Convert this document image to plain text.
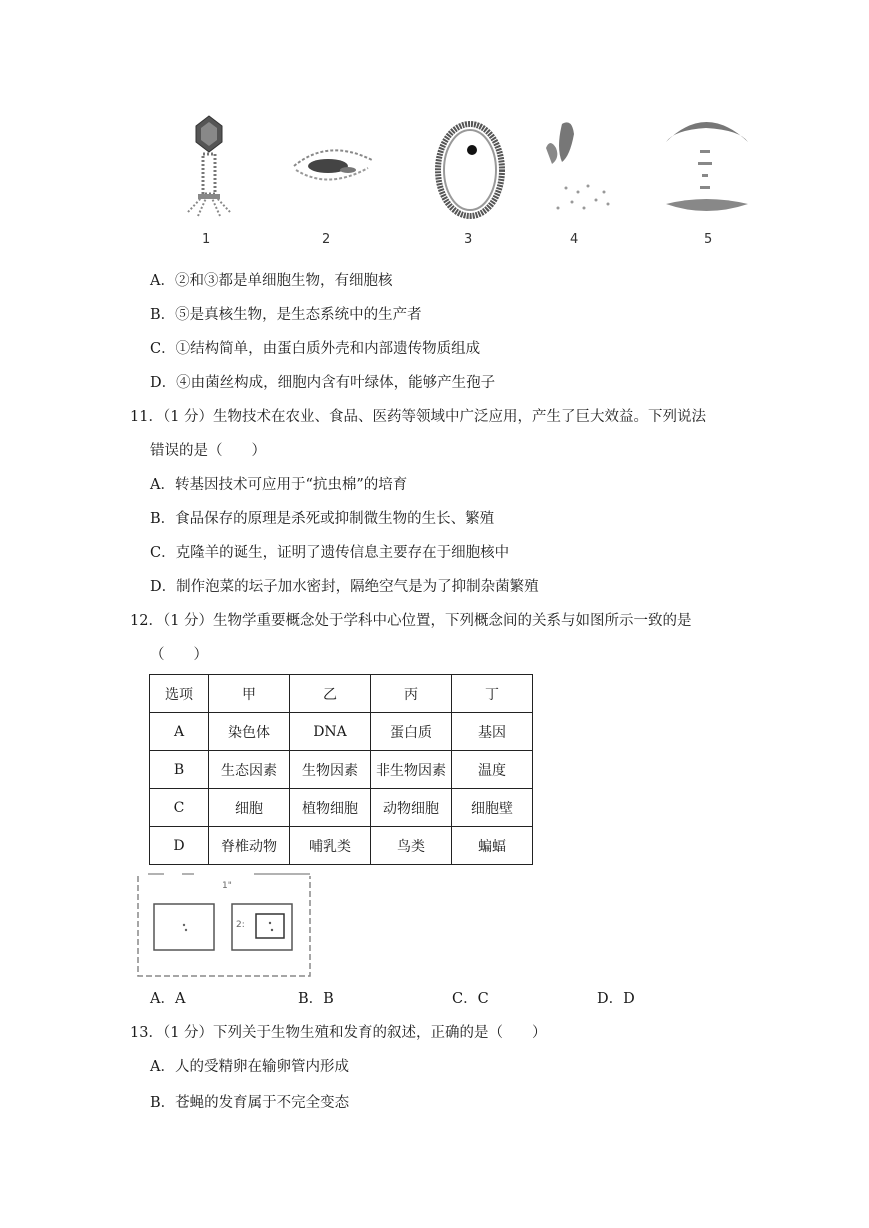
1	2	3	4	5
A．②和③都是单细胞生物，有细胞核
B．⑤是真核生物，是生态系统中的生产者
C．①结构简单，由蛋白质外壳和内部遗传物质组成
D．④由菌丝构成，细胞内含有叶绿体，能够产生孢子
11．（1 分）生物技术在农业、食品、医药等领域中广泛应用，产生了巨大效益。下列说法
错误的是（　　）
A．转基因技术可应用于“抗虫棉”的培育
B．食品保存的原理是杀死或抑制微生物的生长、繁殖
C．克隆羊的诞生，证明了遗传信息主要存在于细胞核中
D．制作泡菜的坛子加水密封，隔绝空气是为了抑制杂菌繁殖
12．（1 分）生物学重要概念处于学科中心位置，下列概念间的关系与如图所示一致的是
（　　）
选项	甲	乙	丙	丁
A	染色体	DNA	蛋白质	基因
B	生态因素	生物因素	非生物因素	温度
C	细胞	植物细胞	动物细胞	细胞壁
D	脊椎动物	哺乳类	鸟类	蝙蝠
1"
2:
A．A	B．B	C．C	D．D
13．（1 分）下列关于生物生殖和发育的叙述，正确的是（　　）
A．人的受精卵在输卵管内形成
B．苍蝇的发育属于不完全变态
